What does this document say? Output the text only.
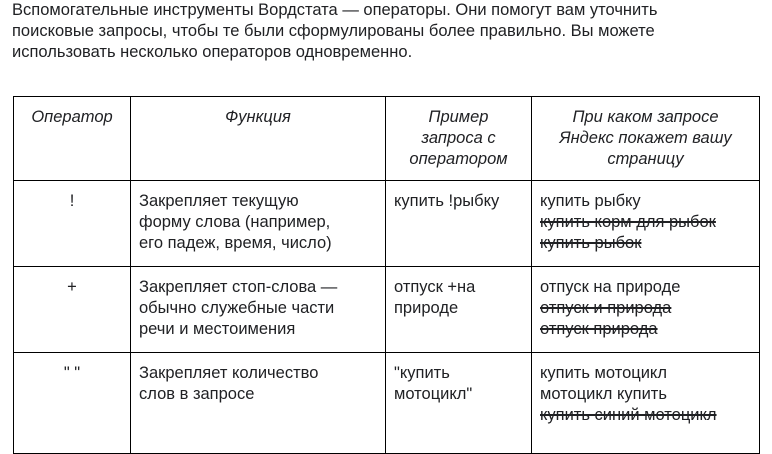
Вспомогательные инструменты Вордстата — операторы. Они помогут вам уточнить
поисковые запросы, чтобы те были сформулированы более правильно. Вы можете
использовать несколько операторов одновременно.
Оператор	Функция	Пример
запроса с
оператором	При каком запросе
Яндекс покажет вашу
страницу

!	Закрепляет текущую
форму слова (например,
его падеж, время, число)	купить !рыбку	купить рыбку
купить корм для рыбок
купить рыбок

+	Закрепляет стоп-слова —
обычно служебные части
речи и местоимения	отпуск +на
природе	отпуск на природе
отпуск и природа
отпуск природа

" "	Закрепляет количество
слов в запросе	"купить
мотоцикл"	купить мотоцикл
мотоцикл купить
купить синий мотоцикл
